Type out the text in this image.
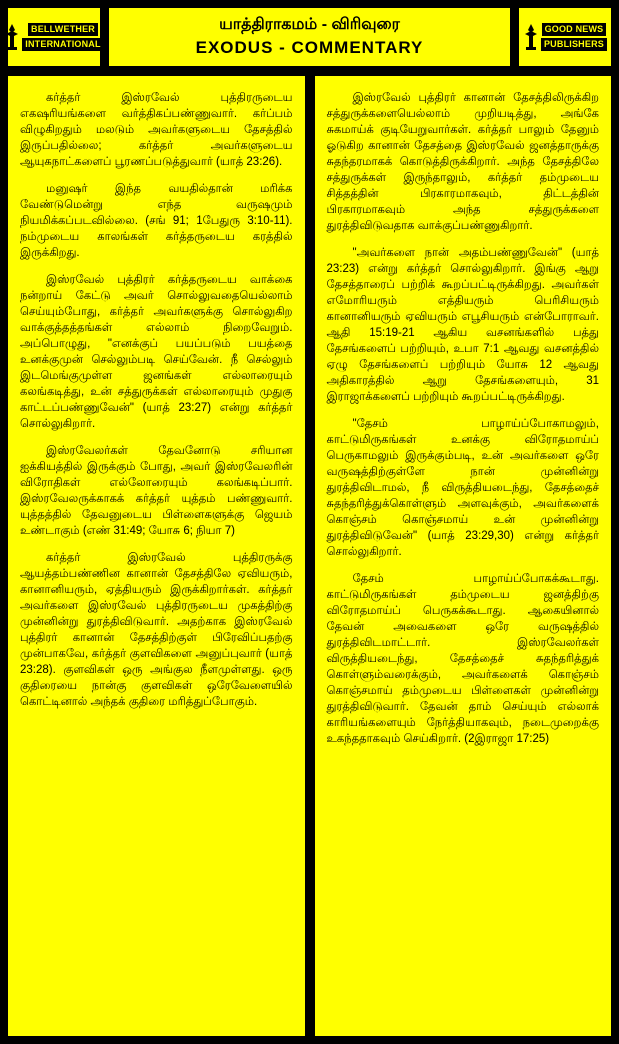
BELLWETHER
INTERNATIONAL
யாத்திராகமம் - விரிவுரை
EXODUS - COMMENTARY
GOOD NEWS
PUBLISHERS

கர்த்தர் இஸ்ரவேல் புத்திரருடைய எகஷரியங்களை வர்த்திகப்பண்ணுவார். கர்ப்பம் விழுகிறதும் மலடும் அவர்களுடைய தேசத்தில் இருப்பதில்லை; கர்த்தர் அவர்களுடைய ஆயுகநாட்களைப் பூரணப்படுத்துவார் (யாத் 23:26).

மனுஷர் இந்த வயதில்தான் மரிக்க வேண்டுமென்று எந்த வருஷமும் நியமிக்கப்படவில்லை. (சங் 91; 1பேதுரு 3:10-11). நம்முடைய காலங்கள் கர்த்தருடைய கரத்தில் இருக்கிறது.

இஸ்ரவேல் புத்திரர் கர்த்தருடைய வாக்கை நன்றாய் கேட்டு அவர் சொல்லுவதையெல்லாம் செய்யும்போது, கர்த்தர் அவர்களுக்கு சொல்லுகிற வாக்குத்தத்தங்கள் எல்லாம் நிறைவேறும். அப்பொழுது, "எனக்குப் பயப்படும் பயத்தை உனக்குமுன் செல்லும்படி செய்வேன். நீ செல்லும் இடமெங்குமுள்ள ஜனங்கள் எல்லாரையும் கலங்கடித்து, உன் சத்துருக்கள் எல்லாரையும் முதுகு காட்டப்பண்ணுவேன்" (யாத் 23:27) என்று கர்த்தர் சொல்லுகிறார்.

இஸ்ரவேலர்கள் தேவனோடு சரியான ஐக்கியத்தில் இருக்கும் போது, அவர் இஸ்ரவேலரின் விரோதிகள் எல்லோரையும் கலங்கடிப்பார். இஸ்ரவேலருக்காகக் கர்த்தர் யுத்தம் பண்ணுவார். யுத்தத்தில் தேவனுடைய பிள்ளைகளுக்கு ஜெயம் உண்டாகும் (எண் 31:49; யோசு 6; நியா 7)

கர்த்தர் இஸ்ரவேல் புத்திரருக்கு ஆயத்தம்பண்ணின கானான் தேசத்திலே ஏவியரும், கானானியரும், ஏத்தியரும் இருக்கிறார்கள். கர்த்தர் அவர்களை இஸ்ரவேல் புத்திரருடைய முகத்திற்கு முன்னின்று துரத்திவிடுவார். அதற்காக இஸ்ரவேல் புத்திரர் கானான் தேசத்திற்குள் பிரேவிப்பதற்கு முன்பாகவே, கர்த்தர் குளவிகளை அனுப்புவார் (யாத் 23:28). குளவிகள் ஒரு அங்குல நீளமுள்ளது. ஒரு குதிரையை நான்கு குளவிகள் ஒரேவேளையில் கொட்டினால் அந்தக் குதிரை மரித்துப்போகும்.

இஸ்ரவேல் புத்திரர் கானான் தேசத்திலிருக்கிற சத்துருக்களையெல்லாம் முறியடித்து, அங்கே சுகமாய்க் குடியேறுவார்கள். கர்த்தர் பாலும் தேனும் ஓடுகிற கானான் தேசத்தை இஸ்ரவேல் ஜனத்தாருக்கு சுதந்தரமாகக் கொடுத்திருக்கிறார். அந்த தேசத்திலே சத்துருக்கள் இருந்தாலும், கர்த்தர் தம்முடைய சித்தத்தின் பிரகாரமாகவும், திட்டத்தின் பிரகாரமாகவும் அந்த சத்துருக்களை துரத்திவிடுவதாக வாக்குப்பண்ணுகிறார்.

"அவர்களை நான் அதம்பண்ணுவேன்" (யாத் 23:23) என்று கர்த்தர் சொல்லுகிறார். இங்கு ஆறு தேசத்தாரைப் பற்றிக் கூறப்பட்டிருக்கிறது. அவர்கள் எமோரியரும் எத்தியரும் பெரிசியரும் கானானியரும் ஏவியரும் எபூசியரும் என்போராவர். ஆதி 15:19-21 ஆகிய வசனங்களில் பத்து தேசங்களைப் பற்றியும், உபா 7:1 ஆவது வசனத்தில் ஏழு தேசங்களைப் பற்றியும் யோசு 12 ஆவது அதிகாரத்தில் ஆறு தேசங்களையும், 31 இராஜாக்களைப் பற்றியும் கூறப்பட்டிருக்கிறது.

"தேசம் பாழாய்ப்போகாமலும், காட்டுமிருகங்கள் உனக்கு விரோதமாய்ப் பெருகாமலும் இருக்கும்படி, உன் அவர்களை ஒரே வருஷத்திற்குள்ளே நான் முன்னின்று துரத்திவிடாமல், நீ விருத்தியடைந்து, தேசத்தைச் சுதந்தரித்துக்கொள்ளும் அளவுக்கும், அவர்களைக் கொஞ்சம் கொஞ்சமாய் உன் முன்னின்று துரத்திவிடுவேன்" (யாத் 23:29,30) என்று கர்த்தர் சொல்லுகிறார்.

தேசம் பாழாய்ப்போகக்கூடாது. காட்டுமிருகங்கள் தம்முடைய ஜனத்திற்கு விரோதமாய்ப் பெருகக்கூடாது. ஆகையினால் தேவன் அவைகளை ஒரே வருஷத்தில் துரத்திவிடமாட்டார். இஸ்ரவேலர்கள் விருத்தியடைந்து, தேசத்தைச் சுதந்தரித்துக் கொள்ளும்வரைக்கும், அவர்களைக் கொஞ்சம் கொஞ்சமாய் தம்முடைய பிள்ளைகள் முன்னின்று துரத்திவிடுவார். தேவன் தாம் செய்யும் எல்லாக் காரியங்களையும் நேர்த்தியாகவும், நடைமுறைக்கு உகந்ததாகவும் செய்கிறார். (2இராஜா 17:25)
